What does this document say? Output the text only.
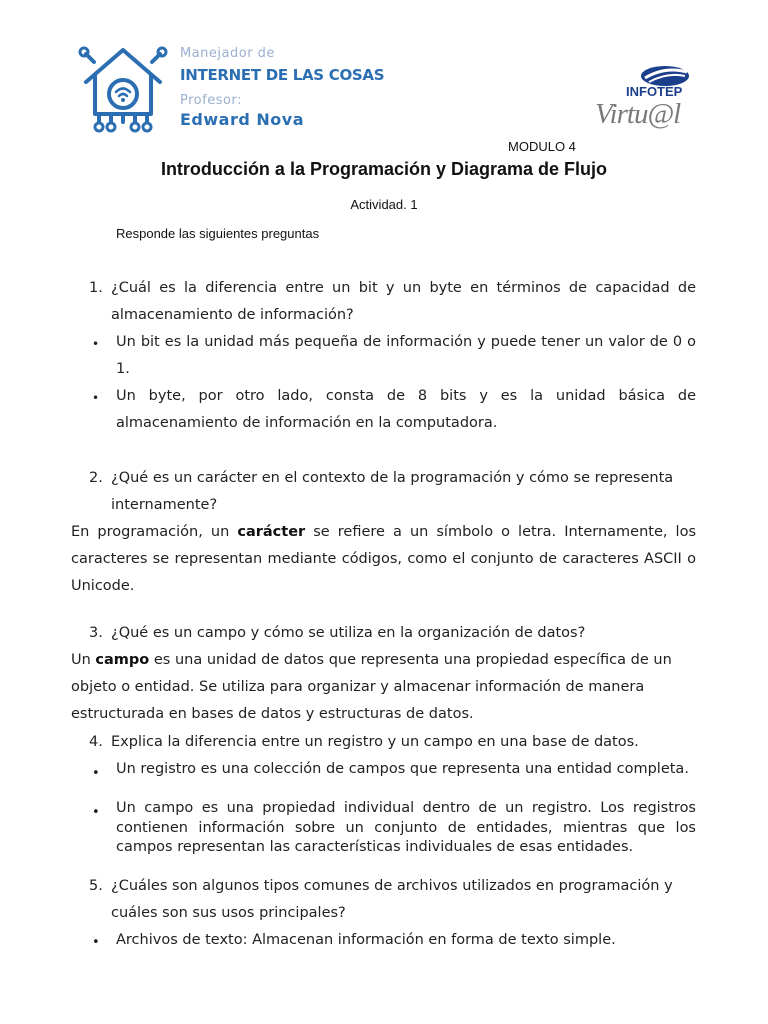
Manejador de
INTERNET DE LAS COSAS
Profesor:
Edward Nova
INFOTEP
Virtu@l
MODULO 4
Introducción a la Programación y Diagrama de Flujo
Actividad. 1
Responde las siguientes preguntas
1. ¿Cuál es la diferencia entre un bit y un byte en términos de capacidad de almacenamiento de información?
• Un bit es la unidad más pequeña de información y puede tener un valor de 0 o 1.
• Un byte, por otro lado, consta de 8 bits y es la unidad básica de almacenamiento de información en la computadora.
2. ¿Qué es un carácter en el contexto de la programación y cómo se representa internamente?
En programación, un carácter se refiere a un símbolo o letra. Internamente, los caracteres se representan mediante códigos, como el conjunto de caracteres ASCII o Unicode.
3. ¿Qué es un campo y cómo se utiliza en la organización de datos?
Un campo es una unidad de datos que representa una propiedad específica de un objeto o entidad. Se utiliza para organizar y almacenar información de manera estructurada en bases de datos y estructuras de datos.
4. Explica la diferencia entre un registro y un campo en una base de datos.
• Un registro es una colección de campos que representa una entidad completa.
• Un campo es una propiedad individual dentro de un registro. Los registros contienen información sobre un conjunto de entidades, mientras que los campos representan las características individuales de esas entidades.
5. ¿Cuáles son algunos tipos comunes de archivos utilizados en programación y cuáles son sus usos principales?
• Archivos de texto: Almacenan información en forma de texto simple.
